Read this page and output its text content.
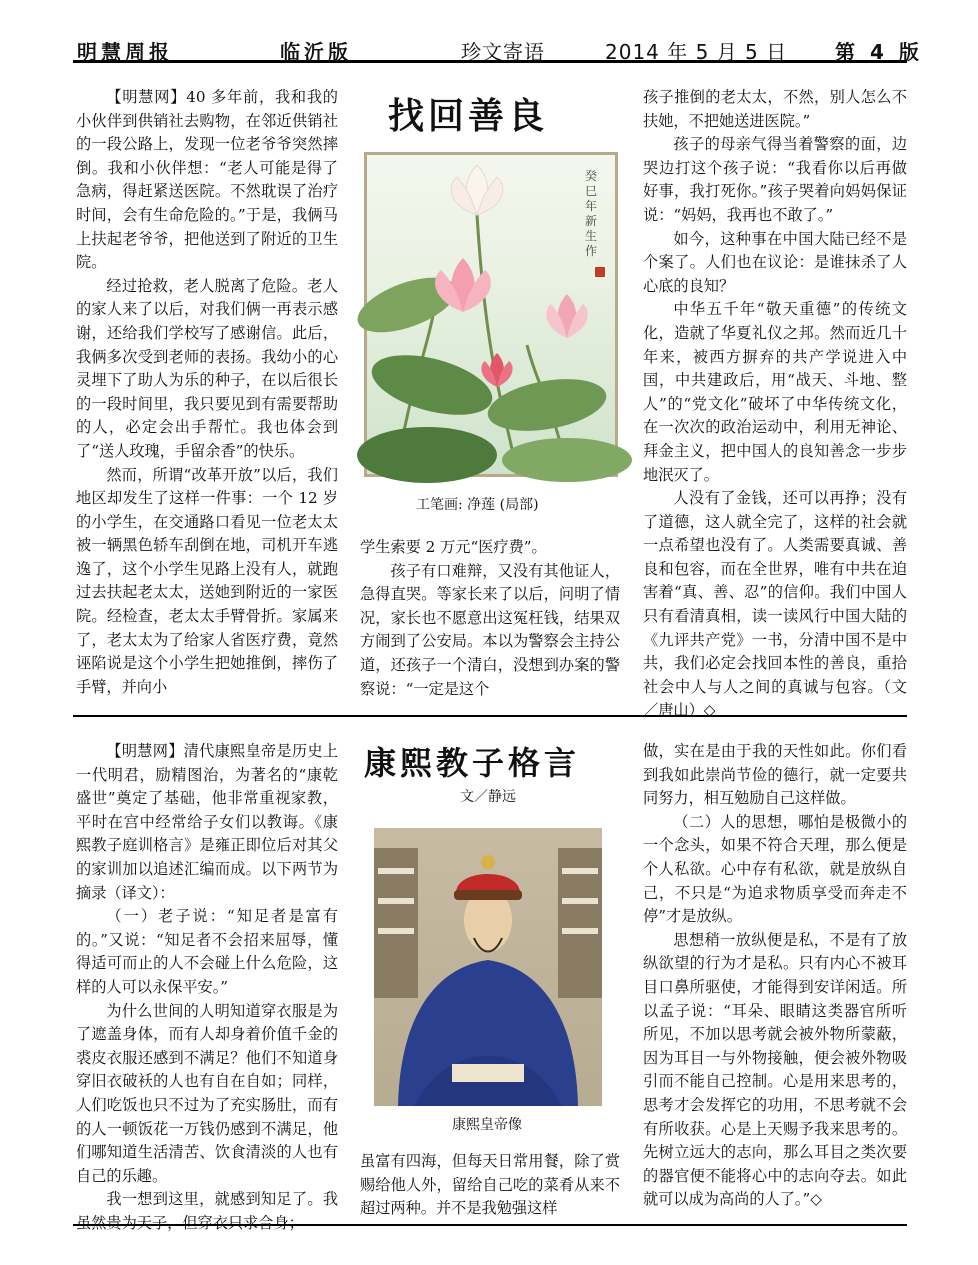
明慧周报	临沂版	珍文寄语	2014 年 5 月 5 日 第 4 版

【明慧网】40 多年前，我和我的小伙伴到供销社去购物，在邻近供销社的一段公路上，发现一位老爷爷突然摔倒。我和小伙伴想：“老人可能是得了急病，得赶紧送医院。不然耽误了治疗时间，会有生命危险的。”于是，我俩马上扶起老爷爷，把他送到了附近的卫生院。

经过抢救，老人脱离了危险。老人的家人来了以后，对我们俩一再表示感谢，还给我们学校写了感谢信。此后，我俩多次受到老师的表扬。我幼小的心灵埋下了助人为乐的种子，在以后很长的一段时间里，我只要见到有需要帮助的人，必定会出手帮忙。我也体会到了“送人玫瑰，手留余香”的快乐。

然而，所谓“改革开放”以后，我们地区却发生了这样一件事：一个 12 岁的小学生，在交通路口看见一位老太太被一辆黑色轿车刮倒在地，司机开车逃逸了，这个小学生见路上没有人，就跑过去扶起老太太，送她到附近的一家医院。经检查，老太太手臂骨折。家属来了，老太太为了给家人省医疗费，竟然诬陷说是这个小学生把她推倒，摔伤了手臂，并向小

找回善良
癸巳年新生作
工笔画: 净莲 (局部)

学生索要 2 万元“医疗费”。

孩子有口难辩，又没有其他证人，急得直哭。等家长来了以后，问明了情况，家长也不愿意出这冤枉钱，结果双方闹到了公安局。本以为警察会主持公道，还孩子一个清白，没想到办案的警察说：“一定是这个

孩子推倒的老太太，不然，别人怎么不扶她，不把她送进医院。”

孩子的母亲气得当着警察的面，边哭边打这个孩子说：“我看你以后再做好事，我打死你。”孩子哭着向妈妈保证说：“妈妈，我再也不敢了。”

如今，这种事在中国大陆已经不是个案了。人们也在议论：是谁抹杀了人心底的良知？

中华五千年“敬天重德”的传统文化，造就了华夏礼仪之邦。然而近几十年来，被西方摒弃的共产学说进入中国，中共建政后，用“战天、斗地、整人”的“党文化”破坏了中华传统文化，在一次次的政治运动中，利用无神论、拜金主义，把中国人的良知善念一步步地泯灭了。

人没有了金钱，还可以再挣；没有了道德，这人就全完了，这样的社会就一点希望也没有了。人类需要真诚、善良和包容，而在全世界，唯有中共在迫害着“真、善、忍”的信仰。我们中国人只有看清真相，读一读风行中国大陆的《九评共产党》一书，分清中国不是中共，我们必定会找回本性的善良，重拾社会中人与人之间的真诚与包容。（文／唐山）◇

【明慧网】清代康熙皇帝是历史上一代明君，励精图治，为著名的“康乾盛世”奠定了基础，他非常重视家教，平时在宫中经常给子女们以教诲。《康熙教子庭训格言》是雍正即位后对其父的家训加以追述汇编而成。以下两节为摘录（译文）：

（一）老子说：“知足者是富有的。”又说：“知足者不会招来屈辱，懂得适可而止的人不会碰上什么危险，这样的人可以永保平安。”

为什么世间的人明知道穿衣服是为了遮盖身体，而有人却身着价值千金的裘皮衣服还感到不满足？他们不知道身穿旧衣破袄的人也有自在自如；同样，人们吃饭也只不过为了充实肠肚，而有的人一顿饭花一万钱仍感到不满足，他们哪知道生活清苦、饮食清淡的人也有自己的乐趣。

我一想到这里，就感到知足了。我虽然贵为天子，但穿衣只求合身；

康熙教子格言
文／静远
康熙皇帝像

虽富有四海，但每天日常用餐，除了赏赐给他人外，留给自己吃的菜肴从来不超过两种。并不是我勉强这样

做，实在是由于我的天性如此。你们看到我如此崇尚节俭的德行，就一定要共同努力，相互勉励自己这样做。

（二）人的思想，哪怕是极微小的一个念头，如果不符合天理，那么便是个人私欲。心中存有私欲，就是放纵自己，不只是“为追求物质享受而奔走不停”才是放纵。

思想稍一放纵便是私，不是有了放纵欲望的行为才是私。只有内心不被耳目口鼻所驱使，才能得到安详闲适。所以孟子说：“耳朵、眼睛这类器官所听所见，不加以思考就会被外物所蒙蔽，因为耳目一与外物接触，便会被外物吸引而不能自己控制。心是用来思考的，思考才会发挥它的功用，不思考就不会有所收获。心是上天赐予我来思考的。先树立远大的志向，那么耳目之类次要的器官便不能将心中的志向夺去。如此就可以成为高尚的人了。”◇
